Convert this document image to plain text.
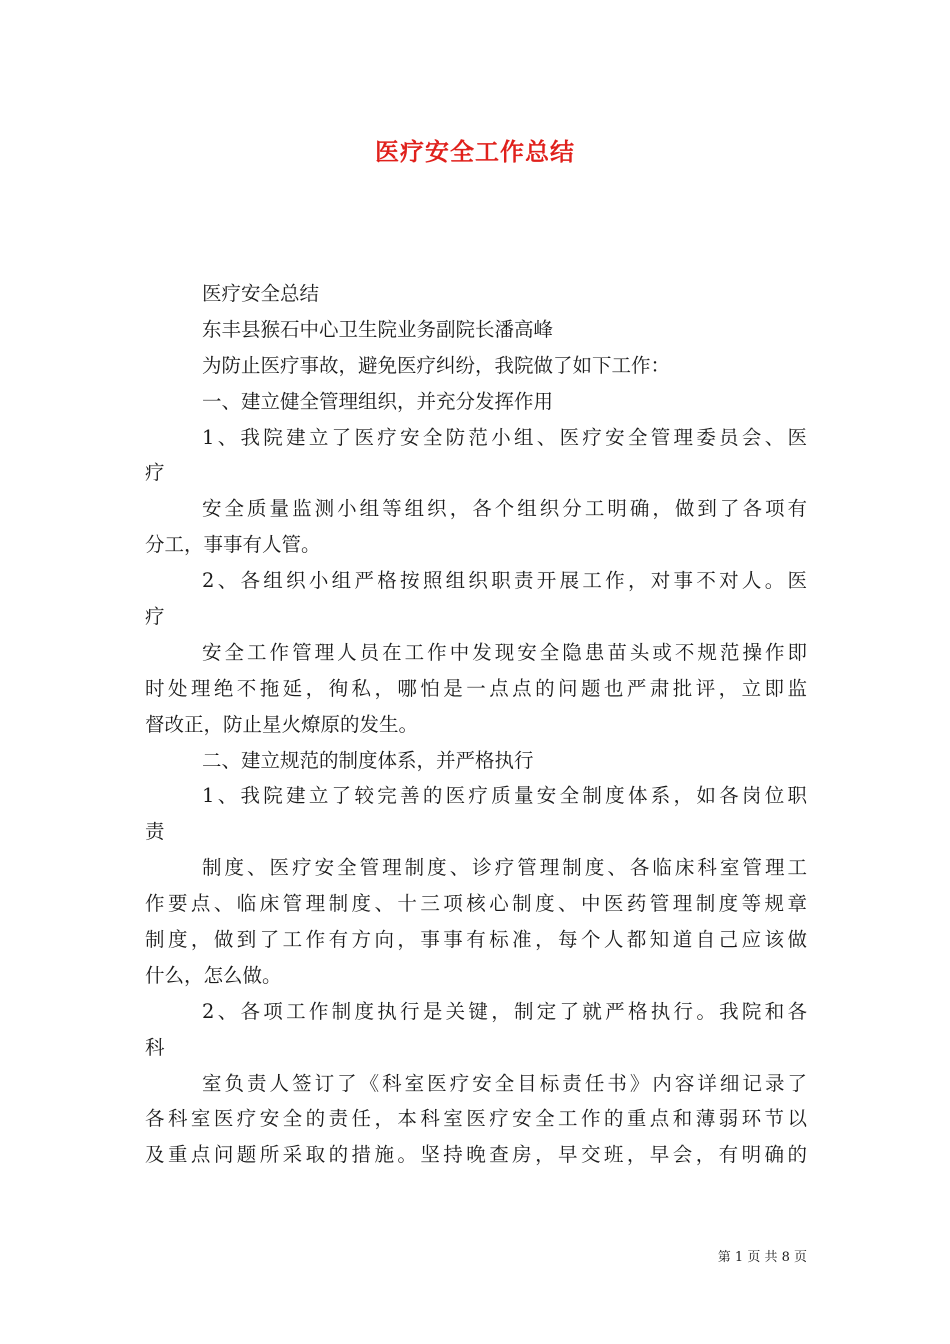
医疗安全工作总结
医疗安全总结
东丰县猴石中心卫生院业务副院长潘高峰
为防止医疗事故，避免医疗纠纷，我院做了如下工作：
一、建立健全管理组织，并充分发挥作用
1、我院建立了医疗安全防范小组、医疗安全管理委员会、医
疗
安全质量监测小组等组织，各个组织分工明确，做到了各项有
分工，事事有人管。
2、各组织小组严格按照组织职责开展工作，对事不对人。医
疗
安全工作管理人员在工作中发现安全隐患苗头或不规范操作即
时处理绝不拖延，徇私，哪怕是一点点的问题也严肃批评，立即监
督改正，防止星火燎原的发生。
二、建立规范的制度体系，并严格执行
1、我院建立了较完善的医疗质量安全制度体系，如各岗位职
责
制度、医疗安全管理制度、诊疗管理制度、各临床科室管理工
作要点、临床管理制度、十三项核心制度、中医药管理制度等规章
制度，做到了工作有方向，事事有标准，每个人都知道自己应该做
什么，怎么做。
2、各项工作制度执行是关键，制定了就严格执行。我院和各
科
室负责人签订了《科室医疗安全目标责任书》内容详细记录了
各科室医疗安全的责任，本科室医疗安全工作的重点和薄弱环节以
及重点问题所采取的措施。坚持晚查房，早交班，早会，有明确的
第 1 页 共 8 页
